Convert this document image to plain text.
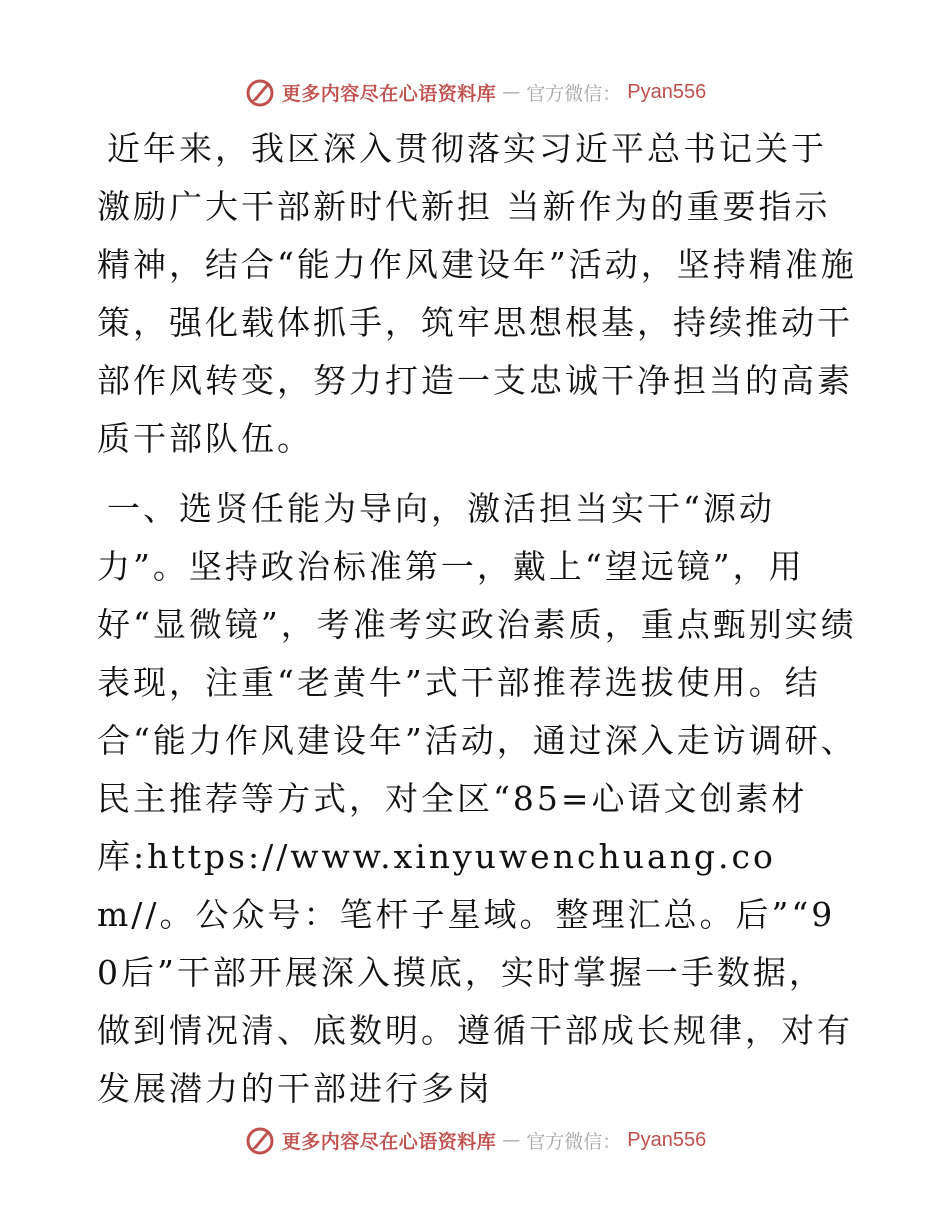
更多内容尽在心语资料库 — 官方微信： Pyan556

近年来，我区深入贯彻落实习近平总书记关于激励广大干部新时代新担 当新作为的重要指示精神，结合“能力作风建设年”活动，坚持精准施策，强化载体抓手，筑牢思想根基，持续推动干部作风转变，努力打造一支忠诚干净担当的高素质干部队伍。

一、选贤任能为导向，激活担当实干“源动力”。坚持政治标准第一，戴上“望远镜”，用好“显微镜”，考准考实政治素质，重点甄别实绩表现，注重“老黄牛”式干部推荐选拔使用。结合“能力作风建设年”活动，通过深入走访调研、民主推荐等方式，对全区“85=心语文创素材库:https://www.xinyuwenchuang.com//。公众号：笔杆子星域。整理汇总。后”“90后”干部开展深入摸底，实时掌握一手数据，做到情况清、底数明。遵循干部成长规律，对有发展潜力的干部进行多岗

更多内容尽在心语资料库 — 官方微信： Pyan556
